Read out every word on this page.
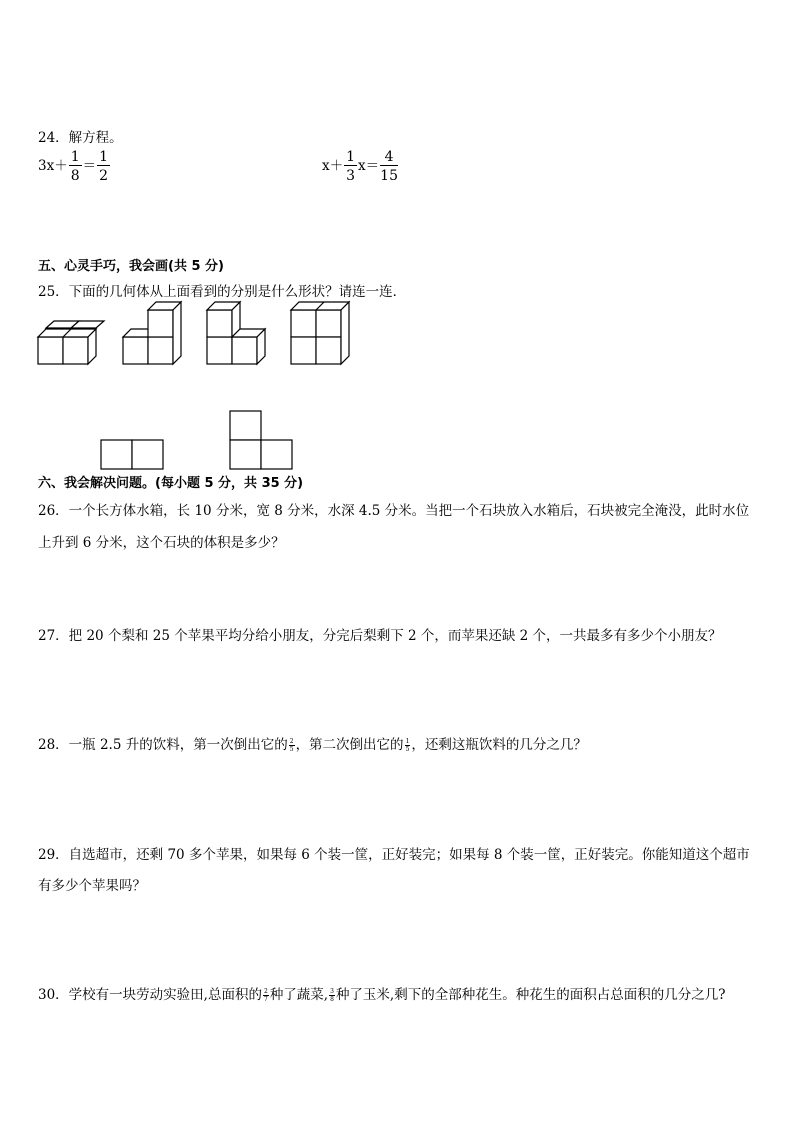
24．解方程。
$3x+ \frac{1}{8} = \frac{1}{2}$	$x+ \frac{1}{3} x= \frac{4}{15}$
五、心灵手巧，我会画(共 5 分)
25．下面的几何体从上面看到的分别是什么形状？请连一连．
六、我会解决问题。(每小题 5 分，共 35 分)
26．一个长方体水箱，长 10 分米，宽 8 分米，水深 4.5 分米。当把一个石块放入水箱后，石块被完全淹没，此时水位
上升到 6 分米，这个石块的体积是多少？
27．把 20 个梨和 25 个苹果平均分给小朋友，分完后梨剩下 2 个，而苹果还缺 2 个，一共最多有多少个小朋友？
28．一瓶 2.5 升的饮料，第一次倒出它的 $\frac{2}{5}$ ，第二次倒出它的 $\frac{1}{5}$ ，还剩这瓶饮料的几分之几？
29．自选超市，还剩 70 多个苹果，如果每 6 个装一筐，正好装完；如果每 8 个装一筐，正好装完。你能知道这个超市
有多少个苹果吗？
30．学校有一块劳动实验田,总面积的 $\frac{2}{7}$ 种了蔬菜, $\frac{3}{8}$ 种了玉米,剩下的全部种花生。种花生的面积占总面积的几分之几?
